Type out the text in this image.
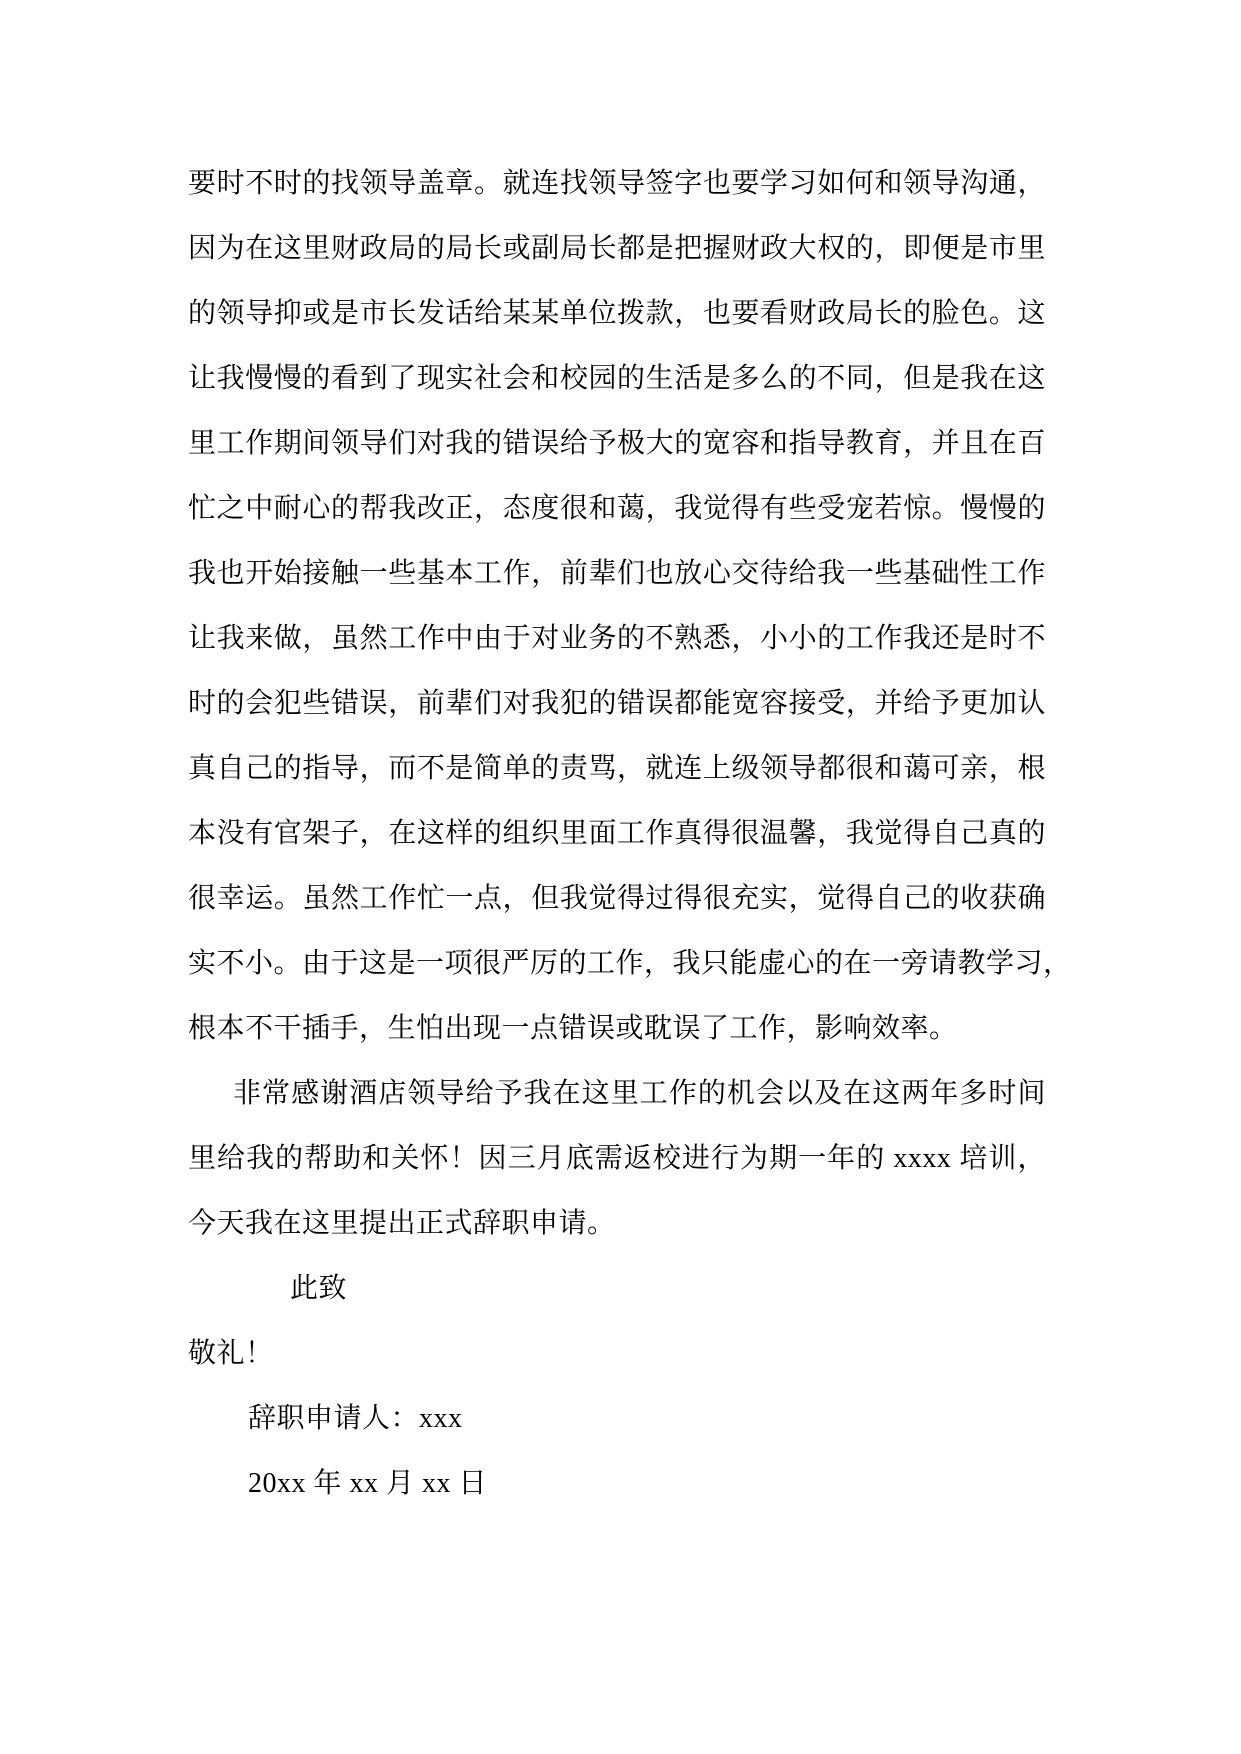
要时不时的找领导盖章。就连找领导签字也要学习如何和领导沟通，
因为在这里财政局的局长或副局长都是把握财政大权的，即便是市里
的领导抑或是市长发话给某某单位拨款，也要看财政局长的脸色。这
让我慢慢的看到了现实社会和校园的生活是多么的不同，但是我在这
里工作期间领导们对我的错误给予极大的宽容和指导教育，并且在百
忙之中耐心的帮我改正，态度很和蔼，我觉得有些受宠若惊。慢慢的
我也开始接触一些基本工作，前辈们也放心交待给我一些基础性工作
让我来做，虽然工作中由于对业务的不熟悉，小小的工作我还是时不
时的会犯些错误，前辈们对我犯的错误都能宽容接受，并给予更加认
真自己的指导，而不是简单的责骂，就连上级领导都很和蔼可亲，根
本没有官架子，在这样的组织里面工作真得很温馨，我觉得自己真的
很幸运。虽然工作忙一点，但我觉得过得很充实，觉得自己的收获确
实不小。由于这是一项很严厉的工作，我只能虚心的在一旁请教学习，
根本不干插手，生怕出现一点错误或耽误了工作，影响效率。
非常感谢酒店领导给予我在这里工作的机会以及在这两年多时间
里给我的帮助和关怀！因三月底需返校进行为期一年的 xxxx 培训，
今天我在这里提出正式辞职申请。
此致
敬礼！
辞职申请人：xxx
20xx 年 xx 月 xx 日
